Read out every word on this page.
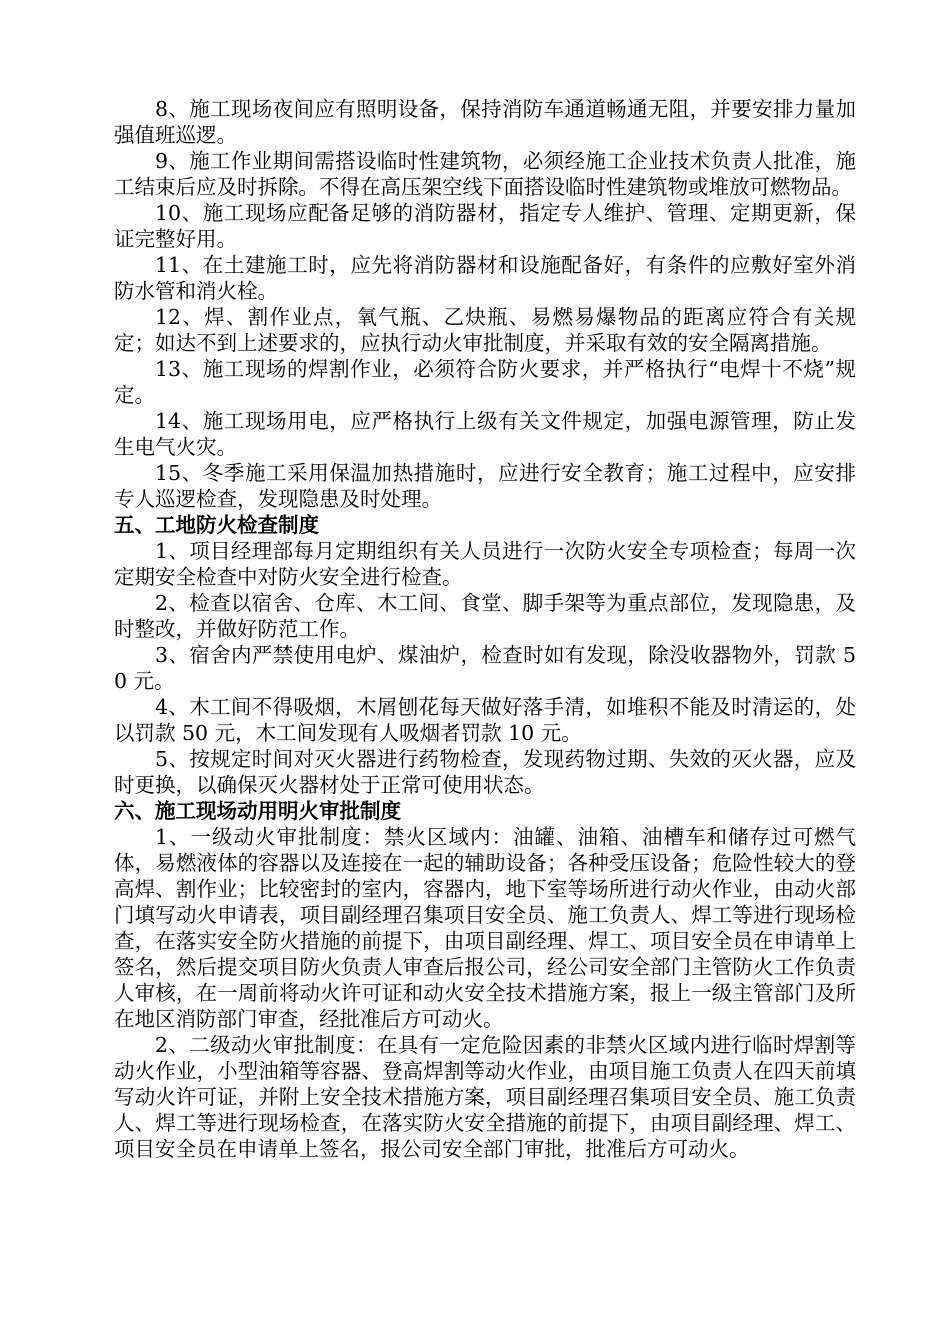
8、施工现场夜间应有照明设备，保持消防车通道畅通无阻，并要安排力量加强值班巡逻。

9、施工作业期间需搭设临时性建筑物，必须经施工企业技术负责人批准，施工结束后应及时拆除。不得在高压架空线下面搭设临时性建筑物或堆放可燃物品。

10、施工现场应配备足够的消防器材，指定专人维护、管理、定期更新，保证完整好用。

11、在土建施工时，应先将消防器材和设施配备好，有条件的应敷好室外消防水管和消火栓。

12、焊、割作业点，氧气瓶、乙炔瓶、易燃易爆物品的距离应符合有关规定；如达不到上述要求的，应执行动火审批制度，并采取有效的安全隔离措施。

13、施工现场的焊割作业，必须符合防火要求，并严格执行“电焊十不烧”规定。

14、施工现场用电，应严格执行上级有关文件规定，加强电源管理，防止发生电气火灾。

15、冬季施工采用保温加热措施时，应进行安全教育；施工过程中，应安排专人巡逻检查，发现隐患及时处理。

五、工地防火检查制度

1、项目经理部每月定期组织有关人员进行一次防火安全专项检查；每周一次定期安全检查中对防火安全进行检查。

2、检查以宿舍、仓库、木工间、食堂、脚手架等为重点部位，发现隐患，及时整改，并做好防范工作。

3、宿舍内严禁使用电炉、煤油炉，检查时如有发现，除没收器物外，罚款 50 元。

4、木工间不得吸烟，木屑刨花每天做好落手清，如堆积不能及时清运的，处以罚款 50 元，木工间发现有人吸烟者罚款 10 元。

5、按规定时间对灭火器进行药物检查，发现药物过期、失效的灭火器，应及时更换，以确保灭火器材处于正常可使用状态。

六、施工现场动用明火审批制度

1、一级动火审批制度：禁火区域内：油罐、油箱、油槽车和储存过可燃气体，易燃液体的容器以及连接在一起的辅助设备；各种受压设备；危险性较大的登高焊、割作业；比较密封的室内，容器内，地下室等场所进行动火作业，由动火部门填写动火申请表，项目副经理召集项目安全员、施工负责人、焊工等进行现场检查，在落实安全防火措施的前提下，由项目副经理、焊工、项目安全员在申请单上签名，然后提交项目防火负责人审查后报公司，经公司安全部门主管防火工作负责人审核，在一周前将动火许可证和动火安全技术措施方案，报上一级主管部门及所在地区消防部门审查，经批准后方可动火。

2、二级动火审批制度：在具有一定危险因素的非禁火区域内进行临时焊割等动火作业，小型油箱等容器、登高焊割等动火作业，由项目施工负责人在四天前填写动火许可证，并附上安全技术措施方案，项目副经理召集项目安全员、施工负责人、焊工等进行现场检查，在落实防火安全措施的前提下，由项目副经理、焊工、项目安全员在申请单上签名，报公司安全部门审批，批准后方可动火。
